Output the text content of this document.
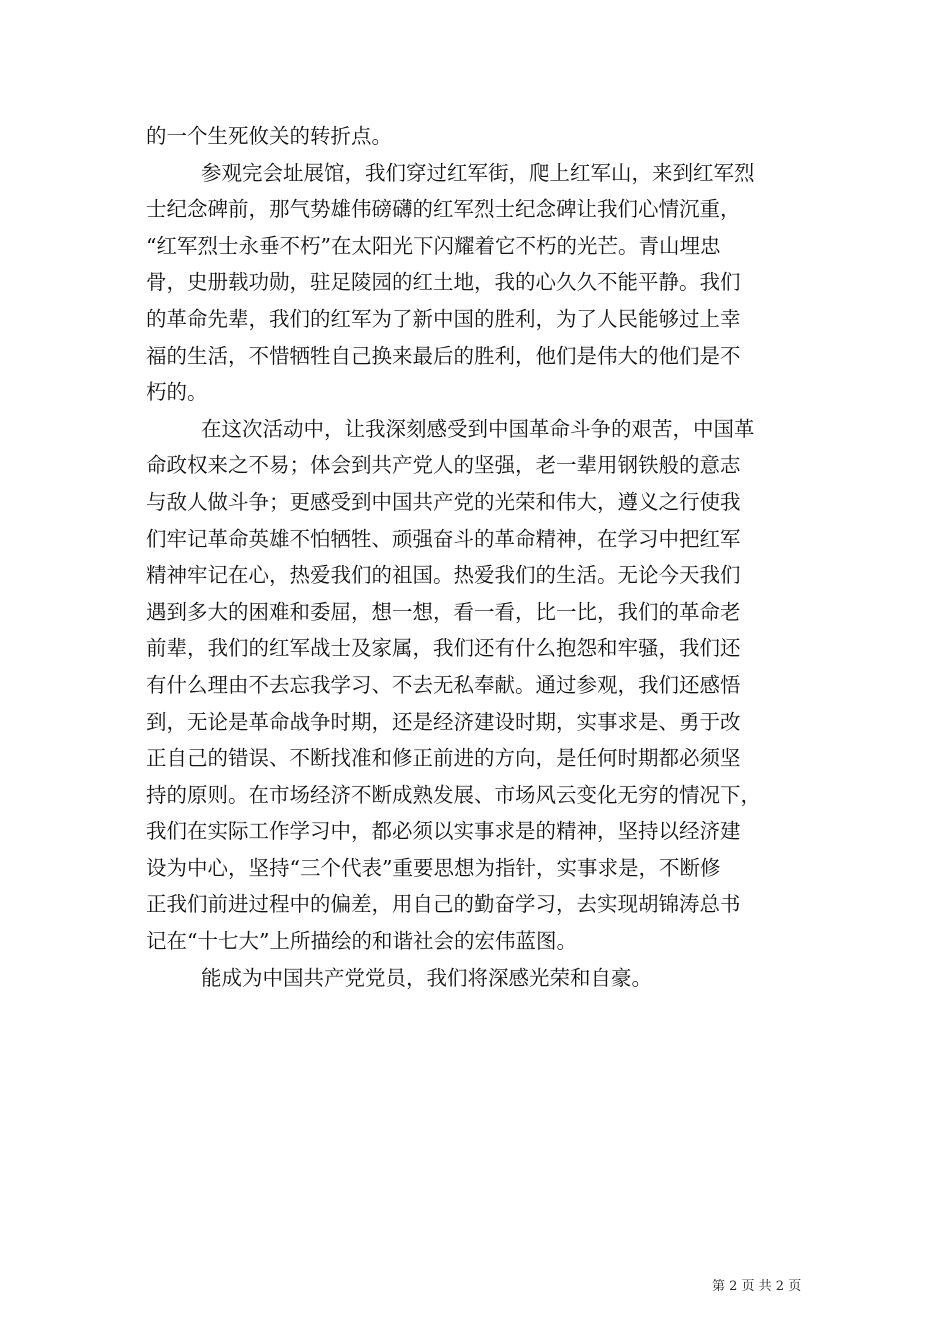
的一个生死攸关的转折点。
参观完会址展馆，我们穿过红军街，爬上红军山，来到红军烈
士纪念碑前，那气势雄伟磅礴的红军烈士纪念碑让我们心情沉重，
“红军烈士永垂不朽”在太阳光下闪耀着它不朽的光芒。青山埋忠
骨，史册载功勋，驻足陵园的红土地，我的心久久不能平静。我们
的革命先辈，我们的红军为了新中国的胜利，为了人民能够过上幸
福的生活，不惜牺牲自己换来最后的胜利，他们是伟大的他们是不
朽的。
在这次活动中，让我深刻感受到中国革命斗争的艰苦，中国革
命政权来之不易；体会到共产党人的坚强，老一辈用钢铁般的意志
与敌人做斗争；更感受到中国共产党的光荣和伟大，遵义之行使我
们牢记革命英雄不怕牺牲、顽强奋斗的革命精神，在学习中把红军
精神牢记在心，热爱我们的祖国。热爱我们的生活。无论今天我们
遇到多大的困难和委屈，想一想，看一看，比一比，我们的革命老
前辈，我们的红军战士及家属，我们还有什么抱怨和牢骚，我们还
有什么理由不去忘我学习、不去无私奉献。通过参观，我们还感悟
到，无论是革命战争时期，还是经济建设时期，实事求是、勇于改
正自己的错误、不断找准和修正前进的方向，是任何时期都必须坚
持的原则。在市场经济不断成熟发展、市场风云变化无穷的情况下，
我们在实际工作学习中，都必须以实事求是的精神，坚持以经济建
设为中心，坚持“三个代表”重要思想为指针，实事求是，不断修
正我们前进过程中的偏差，用自己的勤奋学习，去实现胡锦涛总书
记在“十七大”上所描绘的和谐社会的宏伟蓝图。
能成为中国共产党党员，我们将深感光荣和自豪。
第 2 页 共 2 页
